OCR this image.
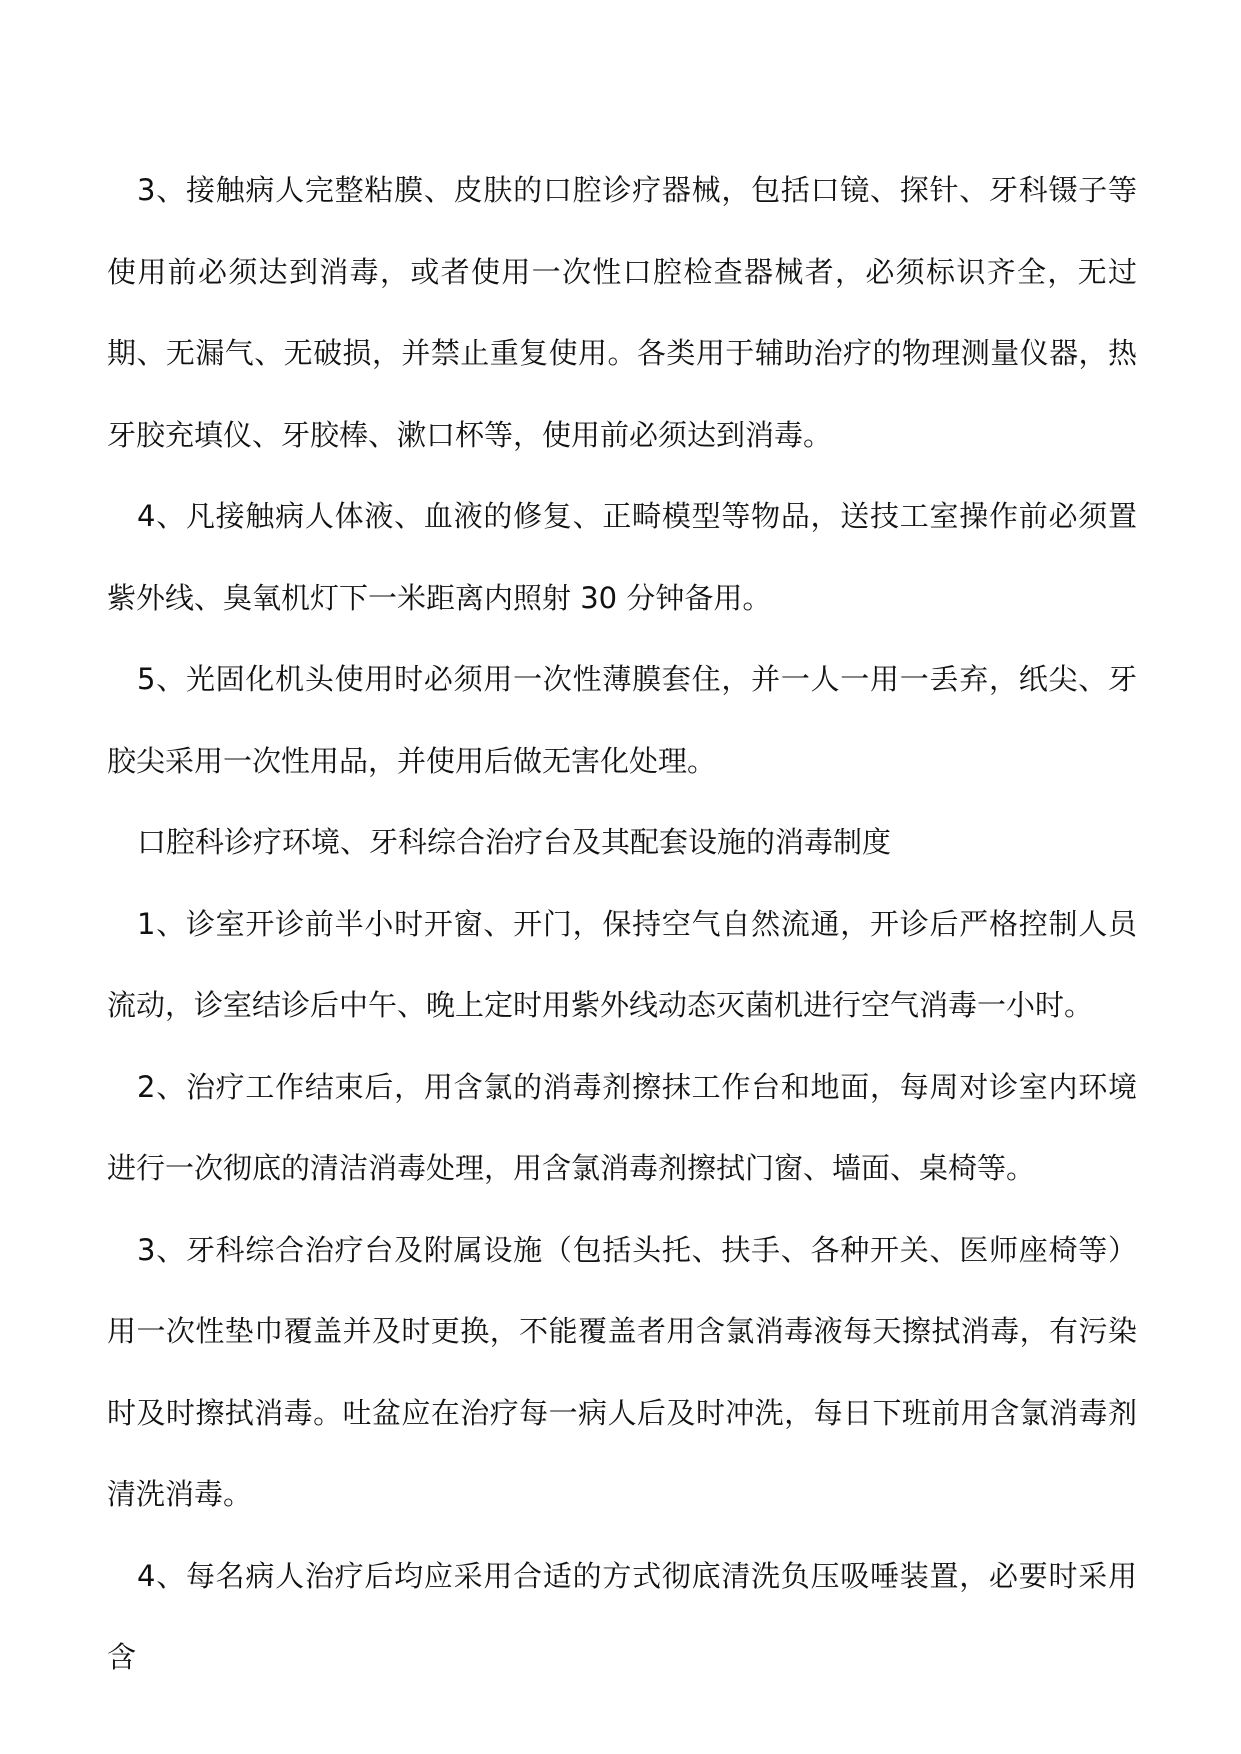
3、接触病人完整粘膜、皮肤的口腔诊疗器械，包括口镜、探针、牙科镊子等使用前必须达到消毒，或者使用一次性口腔检查器械者，必须标识齐全，无过期、无漏气、无破损，并禁止重复使用。各类用于辅助治疗的物理测量仪器，热牙胶充填仪、牙胶棒、漱口杯等，使用前必须达到消毒。

4、凡接触病人体液、血液的修复、正畸模型等物品，送技工室操作前必须置紫外线、臭氧机灯下一米距离内照射 30 分钟备用。

5、光固化机头使用时必须用一次性薄膜套住，并一人一用一丢弃，纸尖、牙胶尖采用一次性用品，并使用后做无害化处理。

口腔科诊疗环境、牙科综合治疗台及其配套设施的消毒制度

1、诊室开诊前半小时开窗、开门，保持空气自然流通，开诊后严格控制人员流动，诊室结诊后中午、晚上定时用紫外线动态灭菌机进行空气消毒一小时。

2、治疗工作结束后，用含氯的消毒剂擦抹工作台和地面，每周对诊室内环境进行一次彻底的清洁消毒处理，用含氯消毒剂擦拭门窗、墙面、桌椅等。

3、牙科综合治疗台及附属设施（包括头托、扶手、各种开关、医师座椅等）用一次性垫巾覆盖并及时更换，不能覆盖者用含氯消毒液每天擦拭消毒，有污染时及时擦拭消毒。吐盆应在治疗每一病人后及时冲洗，每日下班前用含氯消毒剂清洗消毒。

4、每名病人治疗后均应采用合适的方式彻底清洗负压吸唾装置，必要时采用含
